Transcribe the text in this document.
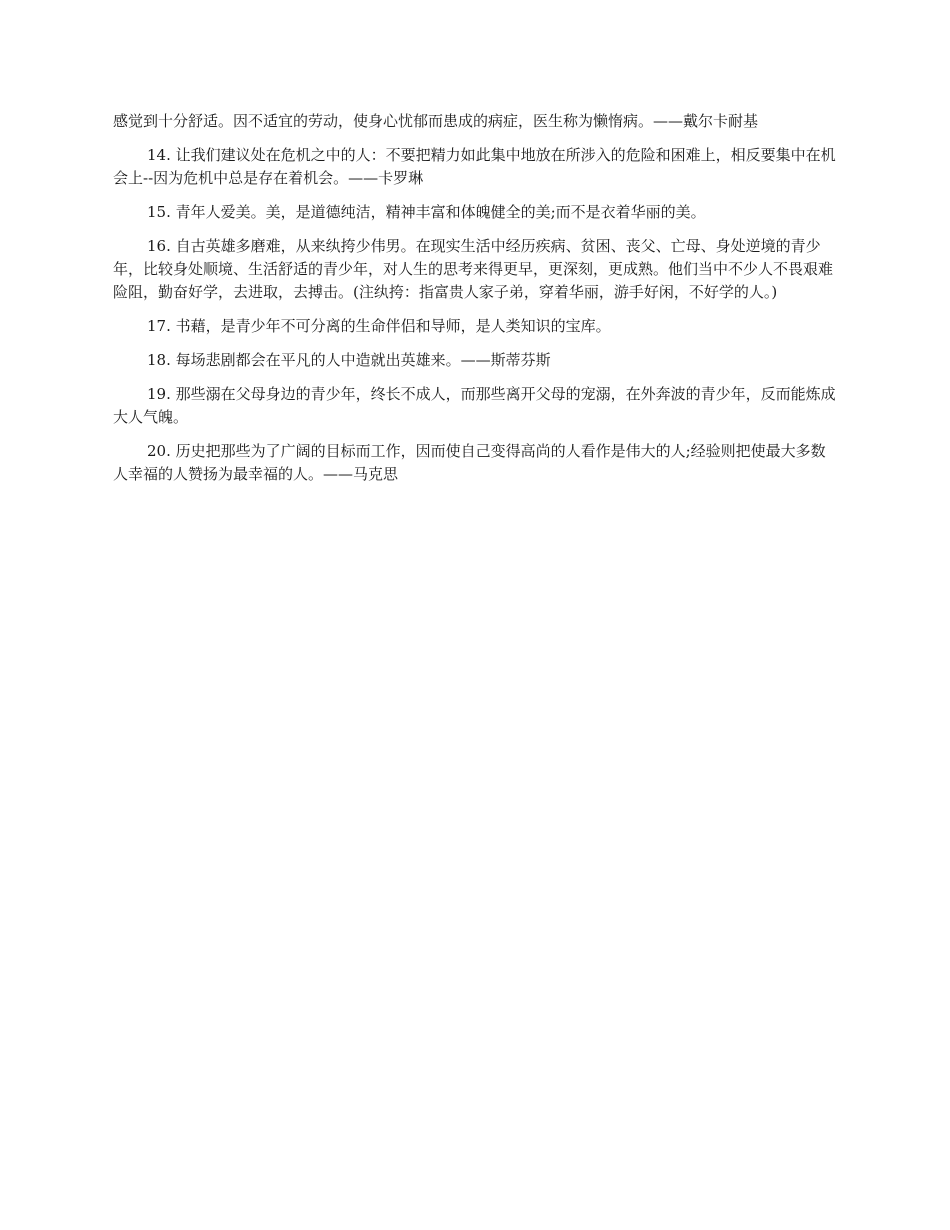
感觉到十分舒适。因不适宜的劳动，使身心忧郁而患成的病症，医生称为懒惰病。——戴尔卡耐基

14. 让我们建议处在危机之中的人：不要把精力如此集中地放在所涉入的危险和困难上，相反要集中在机会上--因为危机中总是存在着机会。——卡罗琳

15. 青年人爱美。美，是道德纯洁，精神丰富和体魄健全的美;而不是衣着华丽的美。

16. 自古英雄多磨难，从来纨挎少伟男。在现实生活中经历疾病、贫困、丧父、亡母、身处逆境的青少年，比较身处顺境、生活舒适的青少年，对人生的思考来得更早，更深刻，更成熟。他们当中不少人不畏艰难险阻，勤奋好学，去进取，去搏击。(注纨挎：指富贵人家子弟，穿着华丽，游手好闲，不好学的人。)

17. 书藉，是青少年不可分离的生命伴侣和导师，是人类知识的宝库。

18. 每场悲剧都会在平凡的人中造就出英雄来。——斯蒂芬斯

19. 那些溺在父母身边的青少年，终长不成人，而那些离开父母的宠溺，在外奔波的青少年，反而能炼成大人气魄。

20. 历史把那些为了广阔的目标而工作，因而使自己变得高尚的人看作是伟大的人;经验则把使最大多数人幸福的人赞扬为最幸福的人。——马克思
